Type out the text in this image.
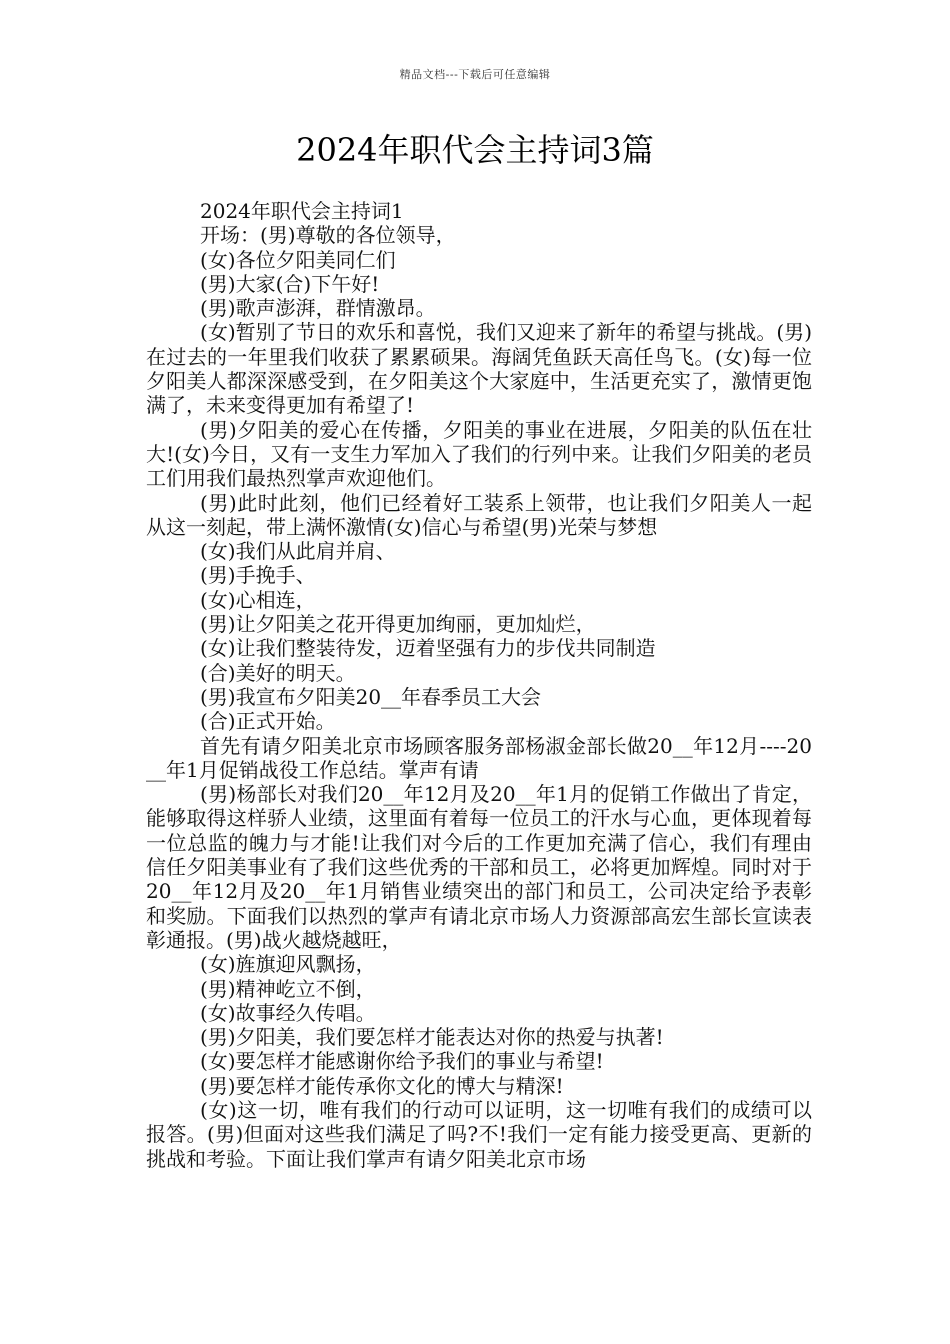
精品文档---下载后可任意编辑
2024年职代会主持词3篇

2024年职代会主持词1

开场：(男)尊敬的各位领导，

(女)各位夕阳美同仁们

(男)大家(合)下午好!

(男)歌声澎湃，群情激昂。

(女)暂别了节日的欢乐和喜悦，我们又迎来了新年的希望与挑战。(男)在过去的一年里我们收获了累累硕果。海阔凭鱼跃天高任鸟飞。(女)每一位夕阳美人都深深感受到，在夕阳美这个大家庭中，生活更充实了，激情更饱满了，未来变得更加有希望了!

(男)夕阳美的爱心在传播，夕阳美的事业在进展，夕阳美的队伍在壮大!(女)今日，又有一支生力军加入了我们的行列中来。让我们夕阳美的老员工们用我们最热烈掌声欢迎他们。

(男)此时此刻，他们已经着好工装系上领带，也让我们夕阳美人一起从这一刻起，带上满怀激情(女)信心与希望(男)光荣与梦想

(女)我们从此肩并肩、

(男)手挽手、

(女)心相连，

(男)让夕阳美之花开得更加绚丽，更加灿烂，

(女)让我们整装待发，迈着坚强有力的步伐共同制造

(合)美好的明天。

(男)我宣布夕阳美20__年春季员工大会

(合)正式开始。

首先有请夕阳美北京市场顾客服务部杨淑金部长做20__年12月----20__年1月促销战役工作总结。掌声有请

(男)杨部长对我们20__年12月及20__年1月的促销工作做出了肯定，能够取得这样骄人业绩，这里面有着每一位员工的汗水与心血，更体现着每一位总监的魄力与才能!让我们对今后的工作更加充满了信心，我们有理由信任夕阳美事业有了我们这些优秀的干部和员工，必将更加辉煌。同时对于20__年12月及20__年1月销售业绩突出的部门和员工，公司决定给予表彰和奖励。下面我们以热烈的掌声有请北京市场人力资源部高宏生部长宣读表彰通报。(男)战火越烧越旺，

(女)旌旗迎风飘扬，

(男)精神屹立不倒，

(女)故事经久传唱。

(男)夕阳美，我们要怎样才能表达对你的热爱与执著!

(女)要怎样才能感谢你给予我们的事业与希望!

(男)要怎样才能传承你文化的博大与精深!

(女)这一切，唯有我们的行动可以证明，这一切唯有我们的成绩可以报答。(男)但面对这些我们满足了吗?不!我们一定有能力接受更高、更新的挑战和考验。下面让我们掌声有请夕阳美北京市场
